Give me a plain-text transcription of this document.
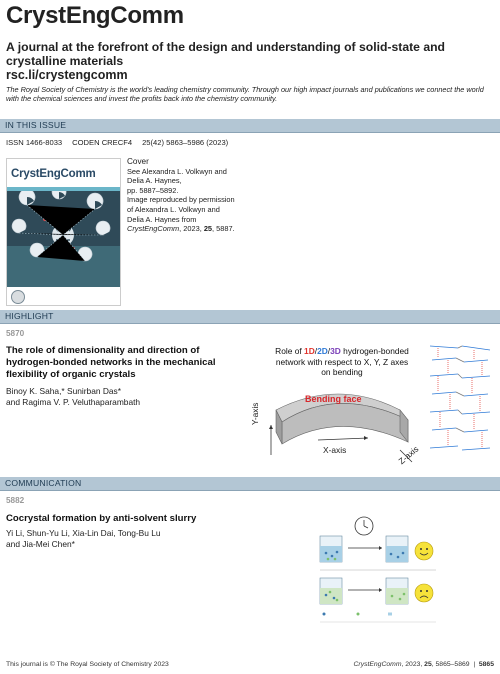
CrystEngComm
A journal at the forefront of the design and understanding of solid-state and crystalline materials
rsc.li/crystengcomm
The Royal Society of Chemistry is the world's leading chemistry community. Through our high impact journals and publications we connect the world with the chemical sciences and invest the profits back into the chemistry community.
IN THIS ISSUE
ISSN 1466-8033 CODEN CRECF4 25(42) 5863–5986 (2023)
CrystEngComm
Cover
See Alexandra L. Volkwyn and
Delia A. Haynes,
pp. 5887–5892.
Image reproduced by permission
of Alexandra L. Volkwyn and
Delia A. Haynes from
CrystEngComm, 2023, 25, 5887.
HIGHLIGHT
5870
The role of dimensionality and direction of
hydrogen-bonded networks in the mechanical
flexibility of organic crystals
Binoy K. Saha,* Sunirban Das*
and Ragima V. P. Veluthaparambath
Role of 1D/2D/3D hydrogen-bonded
network with respect to X, Y, Z axes
on bending
Bending face
X-axis
Y-axis
Z-axis
COMMUNICATION
5882
Cocrystal formation by anti-solvent slurry
Yi Li, Shun-Yu Li, Xia-Lin Dai, Tong-Bu Lu
and Jia-Mei Chen*
This journal is © The Royal Society of Chemistry 2023	CrystEngComm, 2023, 25, 5865–5869  |  5865
